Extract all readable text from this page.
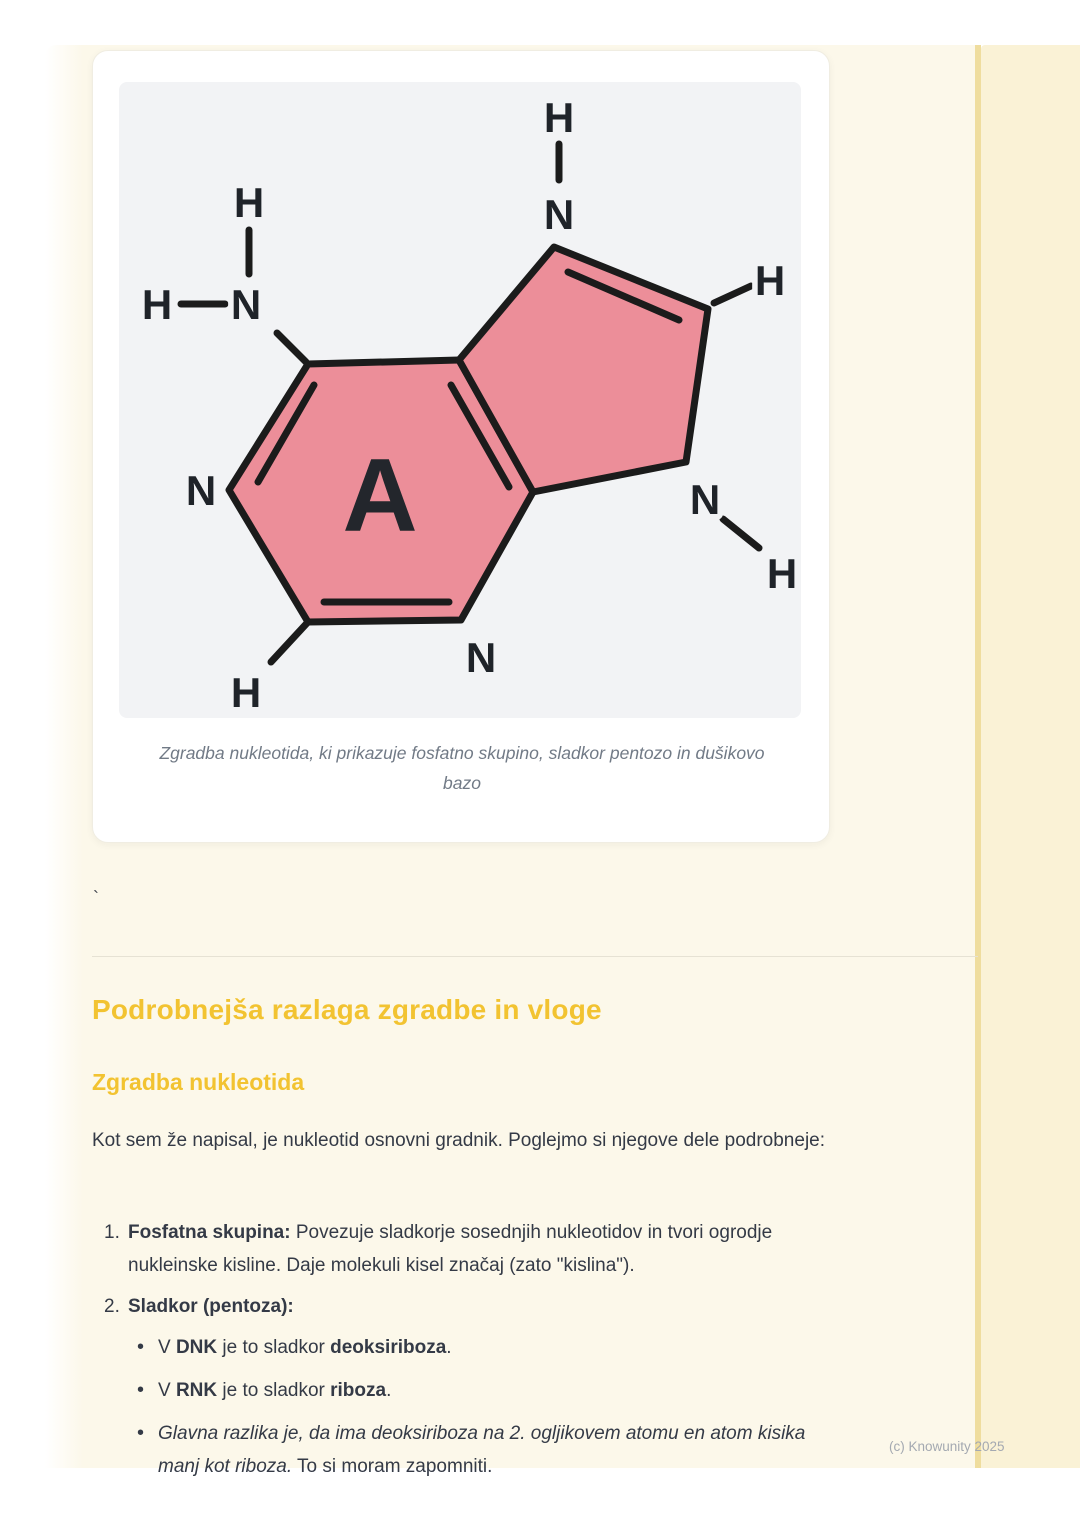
H
H N
N
H
N
H
N
H
N
H
A
Zgradba nukleotida, ki prikazuje fosfatno skupino, sladkor pentozo in dušikovo bazo
`
Podrobnejša razlaga zgradbe in vloge
Zgradba nukleotida
Kot sem že napisal, je nukleotid osnovni gradnik. Poglejmo si njegove dele podrobneje:
1. Fosfatna skupina: Povezuje sladkorje sosednjih nukleotidov in tvori ogrodje nukleinske kisline. Daje molekuli kisel značaj (zato "kislina").
2. Sladkor (pentoza):
• V DNK je to sladkor deoksiriboza.
• V RNK je to sladkor riboza.
• Glavna razlika je, da ima deoksiriboza na 2. ogljikovem atomu en atom kisika manj kot riboza. To si moram zapomniti.
(c) Knowunity 2025
